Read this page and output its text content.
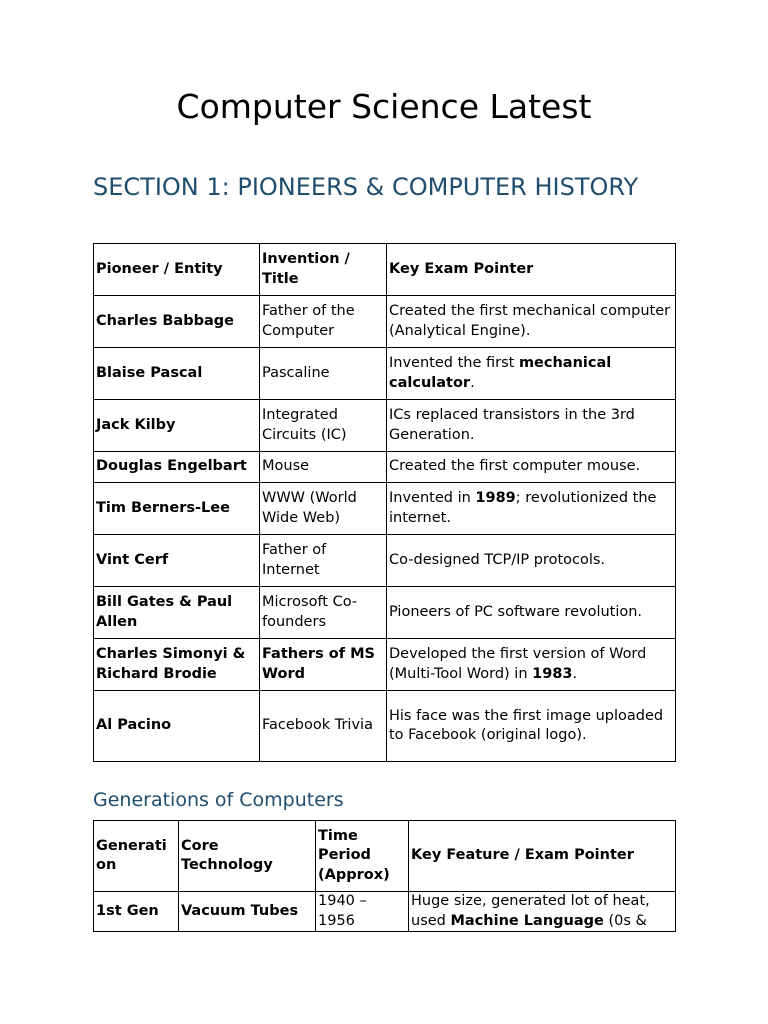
Computer Science Latest
SECTION 1: PIONEERS & COMPUTER HISTORY
Pioneer / Entity	Invention / Title	Key Exam Pointer
Charles Babbage	Father of the Computer	Created the first mechanical computer (Analytical Engine).
Blaise Pascal	Pascaline	Invented the first mechanical calculator.
Jack Kilby	Integrated Circuits (IC)	ICs replaced transistors in the 3rd Generation.
Douglas Engelbart	Mouse	Created the first computer mouse.
Tim Berners-Lee	WWW (World Wide Web)	Invented in 1989; revolutionized the internet.
Vint Cerf	Father of Internet	Co-designed TCP/IP protocols.
Bill Gates & Paul Allen	Microsoft Co-founders	Pioneers of PC software revolution.
Charles Simonyi & Richard Brodie	Fathers of MS Word	Developed the first version of Word (Multi-Tool Word) in 1983.
Al Pacino	Facebook Trivia	His face was the first image uploaded to Facebook (original logo).
Generations of Computers
Generati on	Core Technology	Time Period (Approx)	Key Feature / Exam Pointer
1st Gen	Vacuum Tubes	1940 – 1956	Huge size, generated lot of heat, used Machine Language (0s &
